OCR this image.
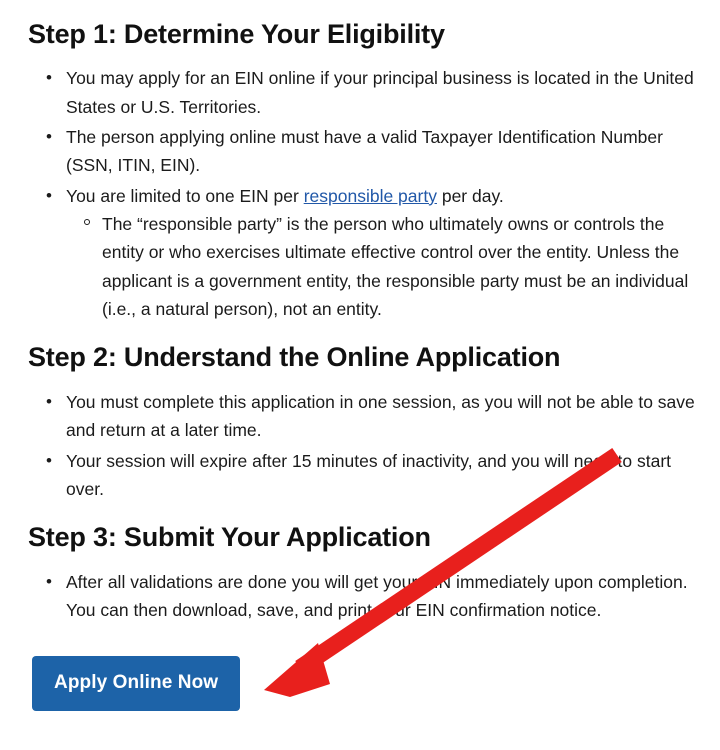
Step 1: Determine Your Eligibility
• You may apply for an EIN online if your principal business is located in the United States or U.S. Territories.
• The person applying online must have a valid Taxpayer Identification Number (SSN, ITIN, EIN).
• You are limited to one EIN per responsible party per day.
The “responsible party” is the person who ultimately owns or controls the entity or who exercises ultimate effective control over the entity. Unless the applicant is a government entity, the responsible party must be an individual (i.e., a natural person), not an entity.
Step 2: Understand the Online Application
• You must complete this application in one session, as you will not be able to save and return at a later time.
• Your session will expire after 15 minutes of inactivity, and you will need to start over.
Step 3: Submit Your Application
• After all validations are done you will get your EIN immediately upon completion. You can then download, save, and print your EIN confirmation notice.
Apply Online Now
